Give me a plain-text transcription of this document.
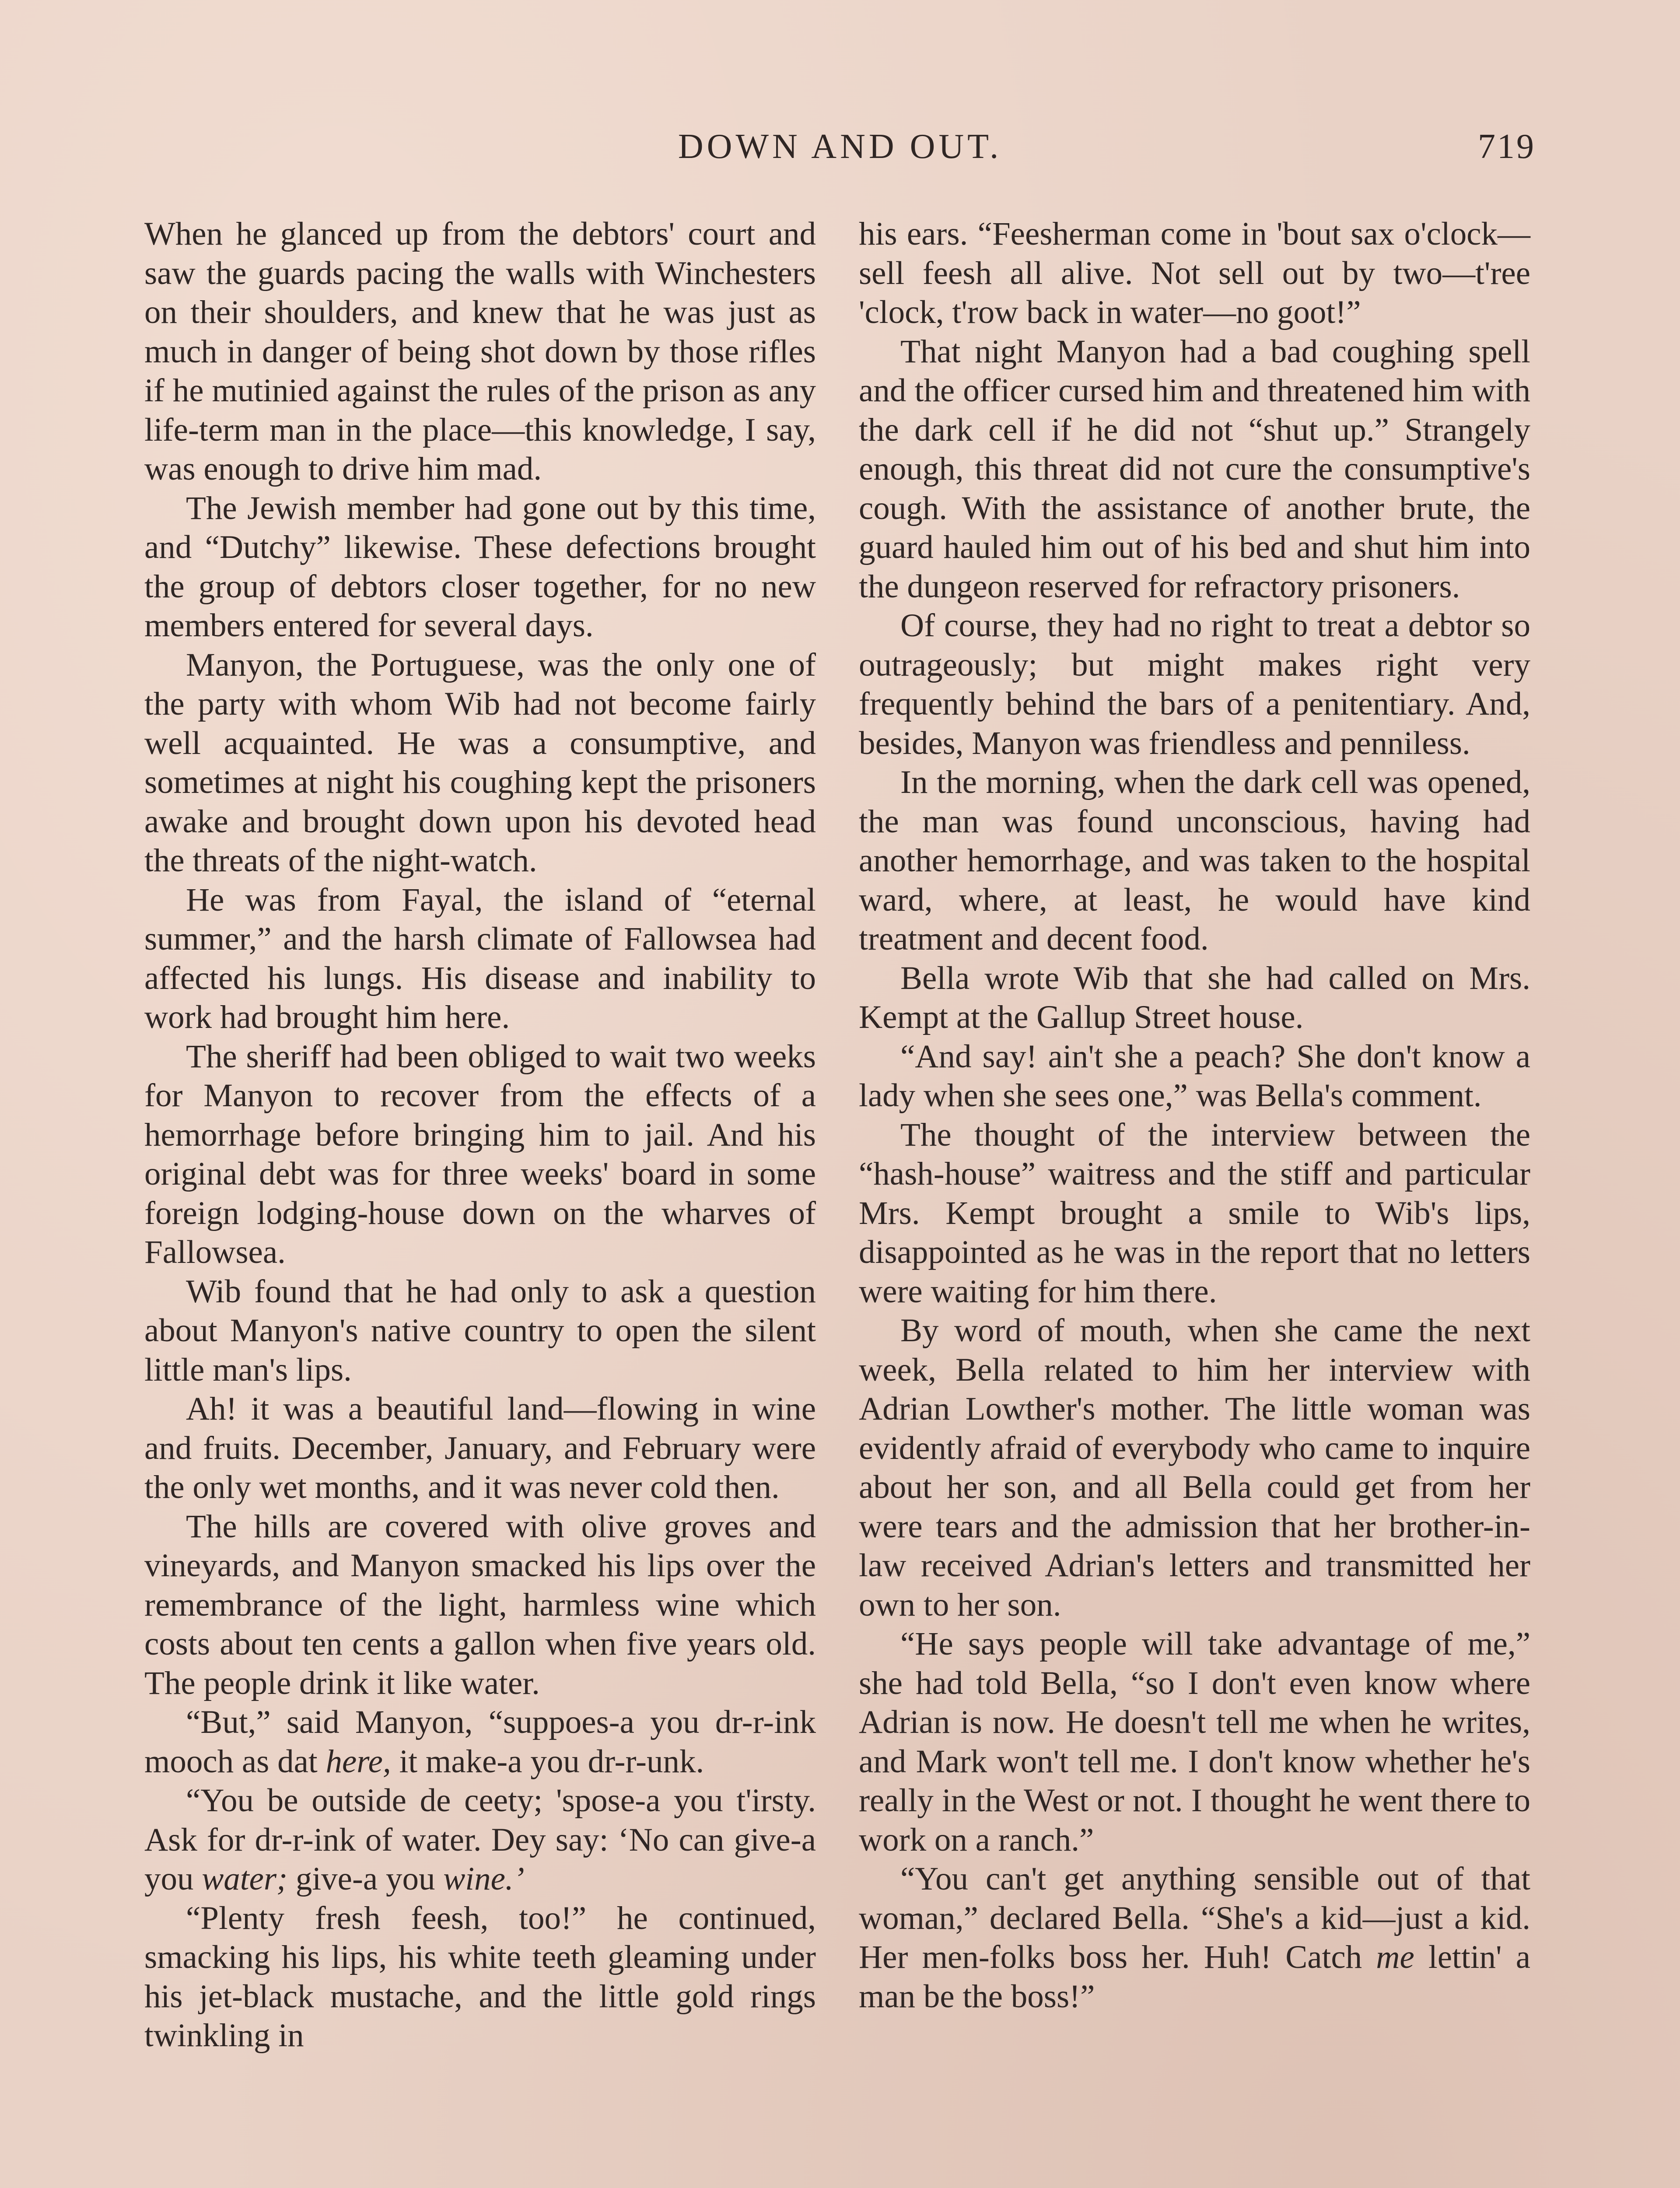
DOWN AND OUT.	719

When he glanced up from the debtors' court and saw the guards pacing the walls with Winchesters on their shoulders, and knew that he was just as much in danger of being shot down by those rifles if he mutinied against the rules of the prison as any life-term man in the place—this knowledge, I say, was enough to drive him mad.

The Jewish member had gone out by this time, and “Dutchy” likewise. These defections brought the group of debtors closer together, for no new members entered for several days.

Manyon, the Portuguese, was the only one of the party with whom Wib had not become fairly well acquainted. He was a consumptive, and sometimes at night his coughing kept the prisoners awake and brought down upon his devoted head the threats of the night-watch.

He was from Fayal, the island of “eternal summer,” and the harsh climate of Fallowsea had affected his lungs. His disease and inability to work had brought him here.

The sheriff had been obliged to wait two weeks for Manyon to recover from the effects of a hemorrhage before bringing him to jail. And his original debt was for three weeks' board in some foreign lodging-house down on the wharves of Fallowsea.

Wib found that he had only to ask a question about Manyon's native country to open the silent little man's lips.

Ah! it was a beautiful land—flowing in wine and fruits. December, January, and February were the only wet months, and it was never cold then.

The hills are covered with olive groves and vineyards, and Manyon smacked his lips over the remembrance of the light, harmless wine which costs about ten cents a gallon when five years old. The people drink it like water.

“But,” said Manyon, “suppoes-a you dr-r-ink mooch as dat here, it make-a you dr-r-unk.

“You be outside de ceety; 'spose-a you t'irsty. Ask for dr-r-ink of water. Dey say: ‘No can give-a you water; give-a you wine.’

“Plenty fresh feesh, too!” he continued, smacking his lips, his white teeth gleaming under his jet-black mustache, and the little gold rings twinkling in

his ears. “Feesherman come in 'bout sax o'clock—sell feesh all alive. Not sell out by two—t'ree 'clock, t'row back in water—no goot!”

That night Manyon had a bad coughing spell and the officer cursed him and threatened him with the dark cell if he did not “shut up.” Strangely enough, this threat did not cure the consumptive's cough. With the assistance of another brute, the guard hauled him out of his bed and shut him into the dungeon reserved for refractory prisoners.

Of course, they had no right to treat a debtor so outrageously; but might makes right very frequently behind the bars of a penitentiary. And, besides, Manyon was friendless and penniless.

In the morning, when the dark cell was opened, the man was found unconscious, having had another hemorrhage, and was taken to the hospital ward, where, at least, he would have kind treatment and decent food.

Bella wrote Wib that she had called on Mrs. Kempt at the Gallup Street house.

“And say! ain't she a peach? She don't know a lady when she sees one,” was Bella's comment.

The thought of the interview between the “hash-house” waitress and the stiff and particular Mrs. Kempt brought a smile to Wib's lips, disappointed as he was in the report that no letters were waiting for him there.

By word of mouth, when she came the next week, Bella related to him her interview with Adrian Lowther's mother. The little woman was evidently afraid of everybody who came to inquire about her son, and all Bella could get from her were tears and the admission that her brother-in-law received Adrian's letters and transmitted her own to her son.

“He says people will take advantage of me,” she had told Bella, “so I don't even know where Adrian is now. He doesn't tell me when he writes, and Mark won't tell me. I don't know whether he's really in the West or not. I thought he went there to work on a ranch.”

“You can't get anything sensible out of that woman,” declared Bella. “She's a kid—just a kid. Her men-folks boss her. Huh! Catch me lettin' a man be the boss!”
